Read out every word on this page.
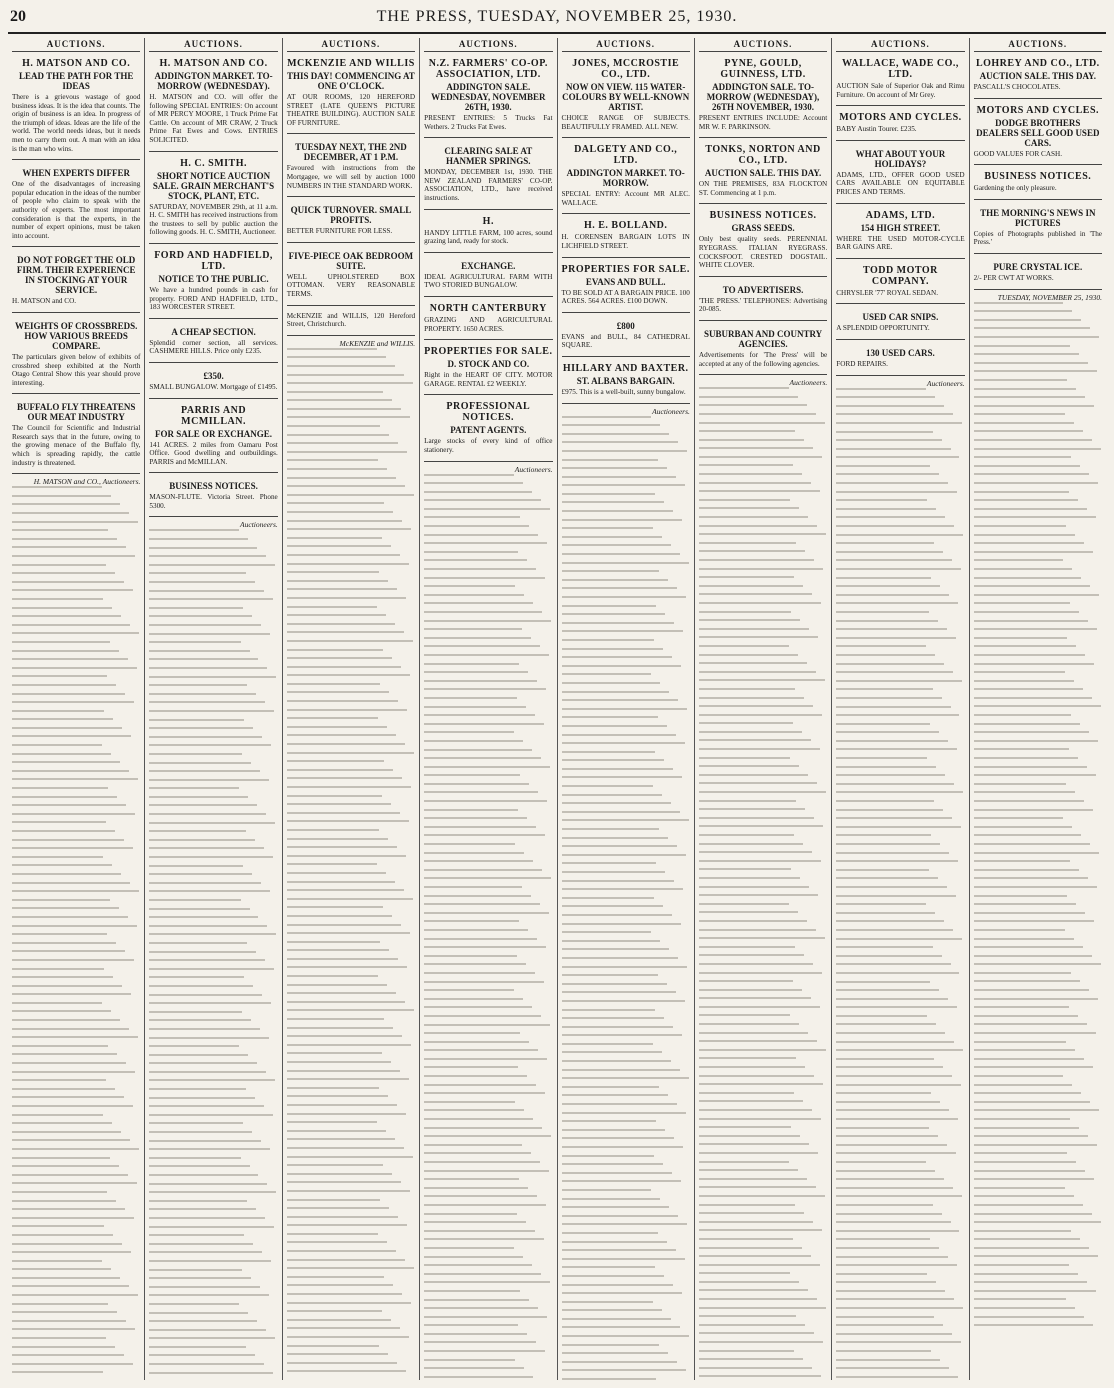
20	THE PRESS, TUESDAY, NOVEMBER 25, 1930.
AUCTIONS.
H. MATSON AND CO.
LEAD THE PATH FOR THE IDEAS

There is a grievous wastage of good business ideas. It is the idea that counts. The origin of business is an idea. In progress of the triumph of ideas. Ideas are the life of the world. The world needs ideas, but it needs men to carry them out. A man with an idea is the man who wins.

WHEN EXPERTS DIFFER

One of the disadvantages of increasing popular education in the ideas of the number of people who claim to speak with the authority of experts. The most important consideration is that the experts, in the number of expert opinions, must be taken into account.

DO NOT FORGET THE OLD FIRM. THEIR EXPERIENCE IN STOCKING AT YOUR SERVICE.

H. MATSON and CO.

WEIGHTS OF CROSSBREDS. HOW VARIOUS BREEDS COMPARE.

The particulars given below of exhibits of crossbred sheep exhibited at the North Otago Central Show this year should prove interesting.

BUFFALO FLY THREATENS OUR MEAT INDUSTRY

The Council for Scientific and Industrial Research says that in the future, owing to the growing menace of the Buffalo fly, which is spreading rapidly, the cattle industry is threatened.

H. MATSON and CO., Auctioneers.
AUCTIONS.
H. MATSON AND CO.
ADDINGTON MARKET. TO-MORROW (WEDNESDAY).

H. MATSON and CO. will offer the following SPECIAL ENTRIES: On account of MR PERCY MOORE, 1 Truck Prime Fat Cattle. On account of MR CRAW, 2 Truck Prime Fat Ewes and Cows. ENTRIES SOLICITED.

H. C. SMITH.
SHORT NOTICE AUCTION SALE. GRAIN MERCHANT'S STOCK, PLANT, ETC.

SATURDAY, NOVEMBER 29th, at 11 a.m. H. C. SMITH has received instructions from the trustees to sell by public auction the following goods. H. C. SMITH, Auctioneer.

FORD AND HADFIELD, LTD.
NOTICE TO THE PUBLIC.

We have a hundred pounds in cash for property. FORD AND HADFIELD, LTD., 183 WORCESTER STREET.

A CHEAP SECTION.

Splendid corner section, all services. CASHMERE HILLS. Price only £235.

£350.

SMALL BUNGALOW. Mortgage of £1495.

PARRIS AND MCMILLAN.
FOR SALE OR EXCHANGE.

141 ACRES. 2 miles from Oamaru Post Office. Good dwelling and outbuildings. PARRIS and McMILLAN.

BUSINESS NOTICES.

MASON-FLUTE. Victoria Street. Phone 5300.

Auctioneers.
AUCTIONS.
MCKENZIE AND WILLIS
THIS DAY! COMMENCING AT ONE O'CLOCK.

AT OUR ROOMS, 120 HEREFORD STREET (LATE QUEEN'S PICTURE THEATRE BUILDING). AUCTION SALE OF FURNITURE.

TUESDAY NEXT, THE 2ND DECEMBER, AT 1 P.M.

Favoured with instructions from the Mortgagee, we will sell by auction 1000 NUMBERS IN THE STANDARD WORK.

QUICK TURNOVER. SMALL PROFITS.

BETTER FURNITURE FOR LESS.

FIVE-PIECE OAK BEDROOM SUITE.

WELL UPHOLSTERED BOX OTTOMAN. VERY REASONABLE TERMS.

McKENZIE and WILLIS, 120 Hereford Street, Christchurch.

McKENZIE and WILLIS.
AUCTIONS.
N.Z. FARMERS' CO-OP. ASSOCIATION, LTD.
ADDINGTON SALE. WEDNESDAY, NOVEMBER 26TH, 1930.

PRESENT ENTRIES: 5 Trucks Fat Wethers. 2 Trucks Fat Ewes.

CLEARING SALE AT HANMER SPRINGS.

MONDAY, DECEMBER 1st, 1930. THE NEW ZEALAND FARMERS' CO-OP. ASSOCIATION, LTD., have received instructions.

H.

HANDY LITTLE FARM, 100 acres, sound grazing land, ready for stock.

EXCHANGE.

IDEAL AGRICULTURAL FARM WITH TWO STORIED BUNGALOW.

NORTH CANTERBURY

GRAZING AND AGRICULTURAL PROPERTY. 1650 ACRES.

PROPERTIES FOR SALE.
D. STOCK AND CO.

Right in the HEART OF CITY. MOTOR GARAGE. RENTAL £2 WEEKLY.

PROFESSIONAL NOTICES.
PATENT AGENTS.

Large stocks of every kind of office stationery.

Auctioneers.
AUCTIONS.
JONES, MCCROSTIE CO., LTD.
NOW ON VIEW. 115 WATER-COLOURS BY WELL-KNOWN ARTIST.

CHOICE RANGE OF SUBJECTS. BEAUTIFULLY FRAMED. ALL NEW.

DALGETY AND CO., LTD.
ADDINGTON MARKET. TO-MORROW.

SPECIAL ENTRY: Account MR ALEC. WALLACE.

H. E. BOLLAND.

H. CORENSEN BARGAIN LOTS IN LICHFIELD STREET.

PROPERTIES FOR SALE.
EVANS AND BULL.

TO BE SOLD AT A BARGAIN PRICE. 100 ACRES. 564 ACRES. £100 DOWN.

£800

EVANS and BULL, 84 CATHEDRAL SQUARE.

HILLARY AND BAXTER.
ST. ALBANS BARGAIN.

£975. This is a well-built, sunny bungalow.

Auctioneers.
AUCTIONS.
PYNE, GOULD, GUINNESS, LTD.
ADDINGTON SALE. TO-MORROW (WEDNESDAY), 26TH NOVEMBER, 1930.

PRESENT ENTRIES INCLUDE: Account MR W. F. PARKINSON.

TONKS, NORTON AND CO., LTD.
AUCTION SALE. THIS DAY.

ON THE PREMISES, 83A FLOCKTON ST. Commencing at 1 p.m.

BUSINESS NOTICES.
GRASS SEEDS.

Only best quality seeds. PERENNIAL RYEGRASS. ITALIAN RYEGRASS. COCKSFOOT. CRESTED DOGSTAIL. WHITE CLOVER.

TO ADVERTISERS.

'THE PRESS.' TELEPHONES: Advertising 20-085.

SUBURBAN AND COUNTRY AGENCIES.

Advertisements for 'The Press' will be accepted at any of the following agencies.

Auctioneers.
AUCTIONS.
WALLACE, WADE CO., LTD.

AUCTION Sale of Superior Oak and Rimu Furniture. On account of Mr Grey.

MOTORS AND CYCLES.

BABY Austin Tourer. £235.

WHAT ABOUT YOUR HOLIDAYS?

ADAMS, LTD., OFFER GOOD USED CARS AVAILABLE ON EQUITABLE PRICES AND TERMS.

ADAMS, LTD.
154 HIGH STREET.

WHERE THE USED MOTOR-CYCLE BAR GAINS ARE.

TODD MOTOR COMPANY.

CHRYSLER '77' ROYAL SEDAN.

USED CAR SNIPS.

A SPLENDID OPPORTUNITY.

130 USED CARS.

FORD REPAIRS.

Auctioneers.
AUCTIONS.
LOHREY AND CO., LTD.
AUCTION SALE. THIS DAY.

PASCALL'S CHOCOLATES.

MOTORS AND CYCLES.
DODGE BROTHERS DEALERS SELL GOOD USED CARS.

GOOD VALUES FOR CASH.

BUSINESS NOTICES.

Gardening the only pleasure.

THE MORNING'S NEWS IN PICTURES

Copies of Photographs published in 'The Press.'

PURE CRYSTAL ICE.

2/- PER CWT AT WORKS.

TUESDAY, NOVEMBER 25, 1930.
